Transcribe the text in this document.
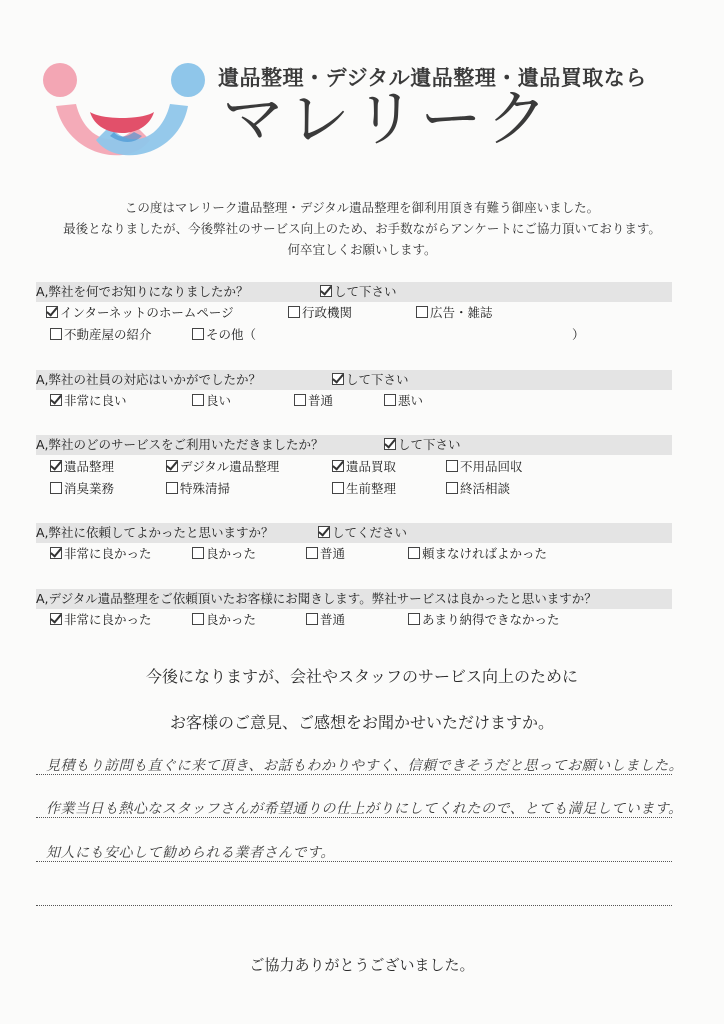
遺品整理・デジタル遺品整理・遺品買取なら
マレリーク
この度はマレリーク遺品整理・デジタル遺品整理を御利用頂き有難う御座いました。
最後となりましたが、今後弊社のサービス向上のため、お手数ながらアンケートにご協力頂いております。
何卒宜しくお願いします。
A,弊社を何でお知りになりましたか？	して下さい
インターネットのホームページ	行政機関	広告・雑誌
不動産屋の紹介	その他（	）
A,弊社の社員の対応はいかがでしたか？	して下さい
非常に良い	良い	普通	悪い
A,弊社のどのサービスをご利用いただきましたか？	して下さい
遺品整理	デジタル遺品整理	遺品買取	不用品回収
消臭業務	特殊清掃	生前整理	終活相談
A,弊社に依頼してよかったと思いますか？	してください
非常に良かった	良かった	普通	頼まなければよかった
A,デジタル遺品整理をご依頼頂いたお客様にお聞きします。弊社サービスは良かったと思いますか？
非常に良かった	良かった	普通	あまり納得できなかった
今後になりますが、会社やスタッフのサービス向上のために
お客様のご意見、ご感想をお聞かせいただけますか。
見積もり訪問も直ぐに来て頂き、お話もわかりやすく、信頼できそうだと思ってお願いしました。
作業当日も熱心なスタッフさんが希望通りの仕上がりにしてくれたので、とても満足しています。
知人にも安心して勧められる業者さんです。
ご協力ありがとうございました。
